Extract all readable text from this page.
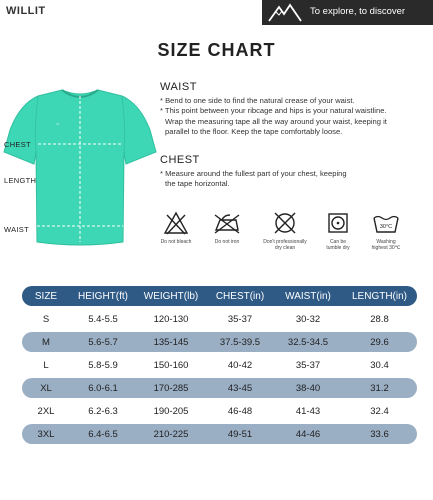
WILLIT	To explore, to discover
SIZE CHART
~
CHEST
LENGTH
WAIST
WAIST
* Bend to one side to find the natural crease of your waist.
* This point between your ribcage and hips is your natural waistline.
Wrap the measuring tape all the way around your waist, keeping it
parallel to the floor. Keep the tape comfortably loose.
CHEST
* Measure around the fullest part of your chest, keeping
the tape horizontal.
Do not bleach	Do not iron	Don't professionally
dry clean
Can be
tumble dry
30°C
Washing
highest 30℃
SIZE	HEIGHT(ft)	WEIGHT(lb)	CHEST(in)	WAIST(in)	LENGTH(in)
S	5.4-5.5	120-130	35-37	30-32	28.8
M	5.6-5.7	135-145	37.5-39.5	32.5-34.5	29.6
L	5.8-5.9	150-160	40-42	35-37	30.4
XL	6.0-6.1	170-285	43-45	38-40	31.2
2XL	6.2-6.3	190-205	46-48	41-43	32.4
3XL	6.4-6.5	210-225	49-51	44-46	33.6
